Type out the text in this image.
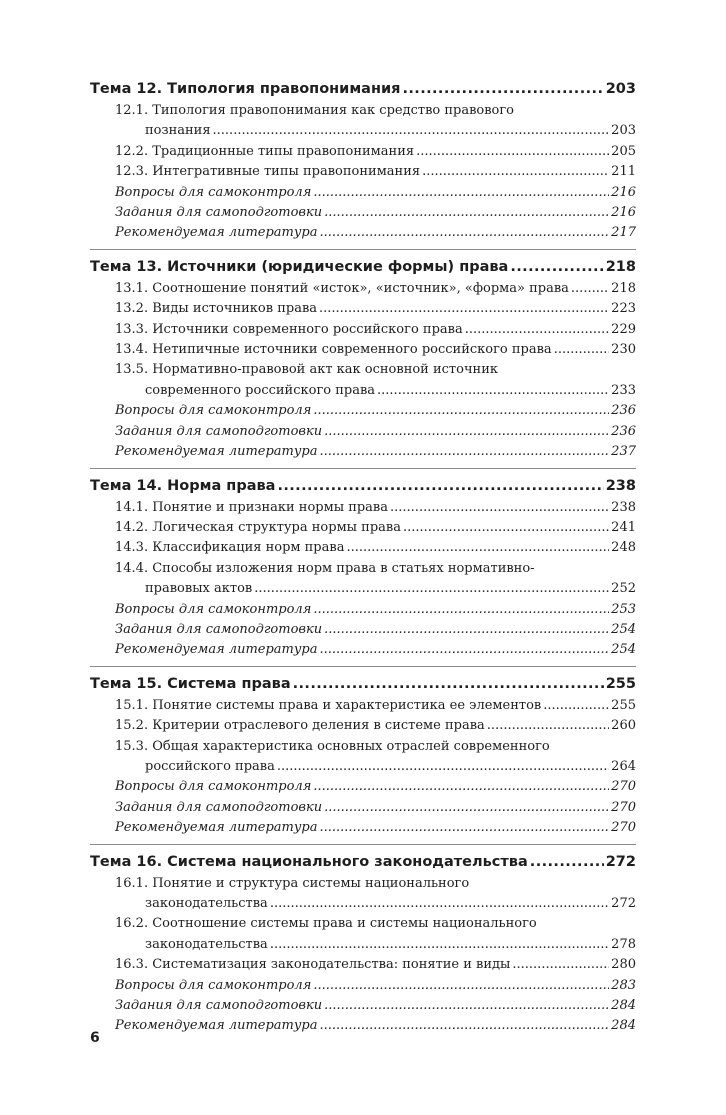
Тема 12. Типология правопонимания .....	203
12.1. Типология правопонимания как средство правового
познания .....	203
12.2. Традиционные типы правопонимания .....	205
12.3. Интегративные типы правопонимания .....	211
Вопросы для самоконтроля .....	216
Задания для самоподготовки .....	216
Рекомендуемая литература .....	217
Тема 13. Источники (юридические формы) права .....	218
13.1. Соотношение понятий «исток», «источник», «форма» права .....	218
13.2. Виды источников права .....	223
13.3. Источники современного российского права .....	229
13.4. Нетипичные источники современного российского права .....	230
13.5. Нормативно-правовой акт как основной источник
современного российского права .....	233
Вопросы для самоконтроля .....	236
Задания для самоподготовки .....	236
Рекомендуемая литература .....	237
Тема 14. Норма права .....	238
14.1. Понятие и признаки нормы права .....	238
14.2. Логическая структура нормы права .....	241
14.3. Классификация норм права .....	248
14.4. Способы изложения норм права в статьях нормативно-
правовых актов .....	252
Вопросы для самоконтроля .....	253
Задания для самоподготовки .....	254
Рекомендуемая литература .....	254
Тема 15. Система права .....	255
15.1. Понятие системы права и характеристика ее элементов .....	255
15.2. Критерии отраслевого деления в системе права .....	260
15.3. Общая характеристика основных отраслей современного
российского права .....	264
Вопросы для самоконтроля .....	270
Задания для самоподготовки .....	270
Рекомендуемая литература .....	270
Тема 16. Система национального законодательства .....	272
16.1. Понятие и структура системы национального
законодательства .....	272
16.2. Соотношение системы права и системы национального
законодательства .....	278
16.3. Систематизация законодательства: понятие и виды .....	280
Вопросы для самоконтроля .....	283
Задания для самоподготовки .....	284
Рекомендуемая литература .....	284
6
